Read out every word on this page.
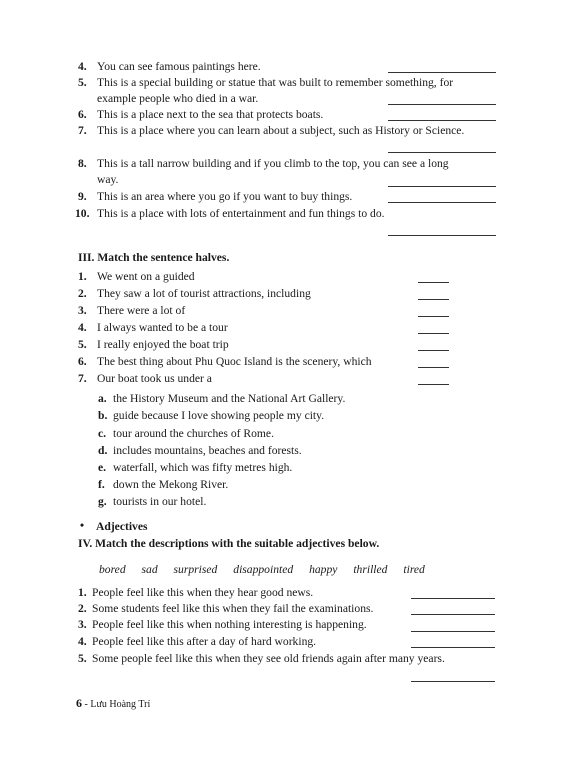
4. You can see famous paintings here.
5. This is a special building or statue that was built to remember something, for
example people who died in a war.
6. This is a place next to the sea that protects boats.
7. This is a place where you can learn about a subject, such as History or Science.
8. This is a tall narrow building and if you climb to the top, you can see a long
way.
9. This is an area where you go if you want to buy things.
10. This is a place with lots of entertainment and fun things to do.
III. Match the sentence halves.
1. We went on a guided
2. They saw a lot of tourist attractions, including
3. There were a lot of
4. I always wanted to be a tour
5. I really enjoyed the boat trip
6. The best thing about Phu Quoc Island is the scenery, which
7. Our boat took us under a
a. the History Museum and the National Art Gallery.
b. guide because I love showing people my city.
c. tour around the churches of Rome.
d. includes mountains, beaches and forests.
e. waterfall, which was fifty metres high.
f. down the Mekong River.
g. tourists in our hotel.
• Adjectives
IV. Match the descriptions with the suitable adjectives below.
bored sad surprised disappointed happy thrilled tired
1. People feel like this when they hear good news.
2. Some students feel like this when they fail the examinations.
3. People feel like this when nothing interesting is happening.
4. People feel like this after a day of hard working.
5. Some people feel like this when they see old friends again after many years.
6 - Lưu Hoàng Trí
